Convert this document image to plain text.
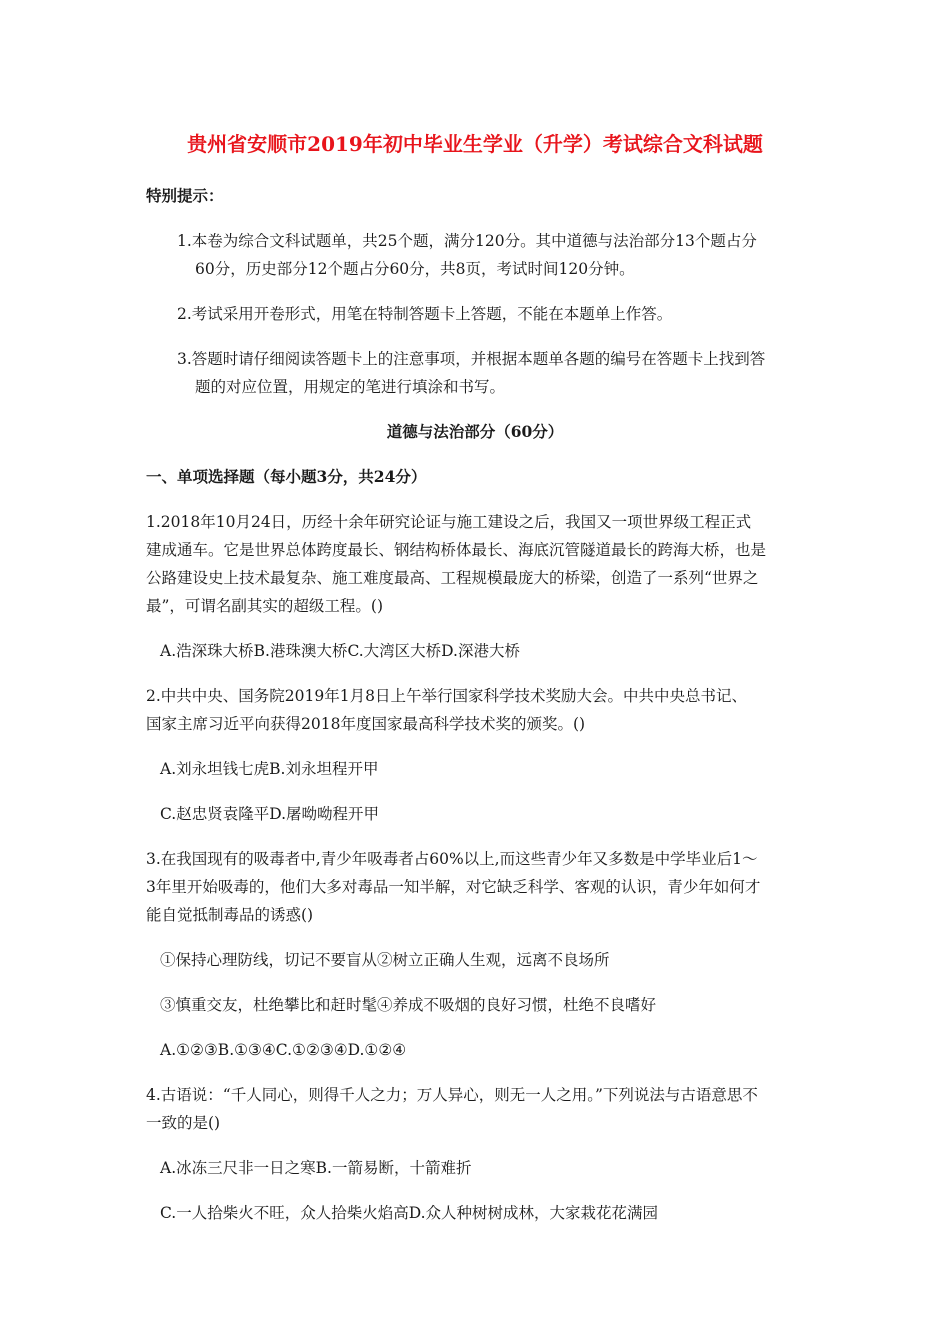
贵州省安顺市2019年初中毕业生学业（升学）考试综合文科试题
特别提示：
1.本卷为综合文科试题单，共25个题，满分120分。其中道德与法治部分13个题占分
60分，历史部分12个题占分60分，共8页，考试时间120分钟。
2.考试采用开卷形式，用笔在特制答题卡上答题，不能在本题单上作答。
3.答题时请仔细阅读答题卡上的注意事项，并根据本题单各题的编号在答题卡上找到答
题的对应位置，用规定的笔进行填涂和书写。
道德与法治部分（60分）
一、单项选择题（每小题3分，共24分）
1.2018年10月24日，历经十余年研究论证与施工建设之后，我国又一项世界级工程正式
建成通车。它是世界总体跨度最长、钢结构桥体最长、海底沉管隧道最长的跨海大桥，也是
公路建设史上技术最复杂、施工难度最高、工程规模最庞大的桥梁，创造了一系列“世界之
最”，可谓名副其实的超级工程。()
A.浩深珠大桥B.港珠澳大桥C.大湾区大桥D.深港大桥
2.中共中央、国务院2019年1月8日上午举行国家科学技术奖励大会。中共中央总书记、
国家主席习近平向获得2018年度国家最高科学技术奖的颁奖。()
A.刘永坦钱七虎B.刘永坦程开甲
C.赵忠贤袁隆平D.屠呦呦程开甲
3.在我国现有的吸毒者中,青少年吸毒者占60%以上,而这些青少年又多数是中学毕业后1～
3年里开始吸毒的，他们大多对毒品一知半解，对它缺乏科学、客观的认识，青少年如何才
能自觉抵制毒品的诱惑()
①保持心理防线，切记不要盲从②树立正确人生观，远离不良场所
③慎重交友，杜绝攀比和赶时髦④养成不吸烟的良好习惯，杜绝不良嗜好
A.①②③B.①③④C.①②③④D.①②④
4.古语说：“千人同心，则得千人之力；万人异心，则无一人之用。”下列说法与古语意思不
一致的是()
A.冰冻三尺非一日之寒B.一箭易断，十箭难折
C.一人拾柴火不旺，众人拾柴火焰高D.众人种树树成林，大家栽花花满园
